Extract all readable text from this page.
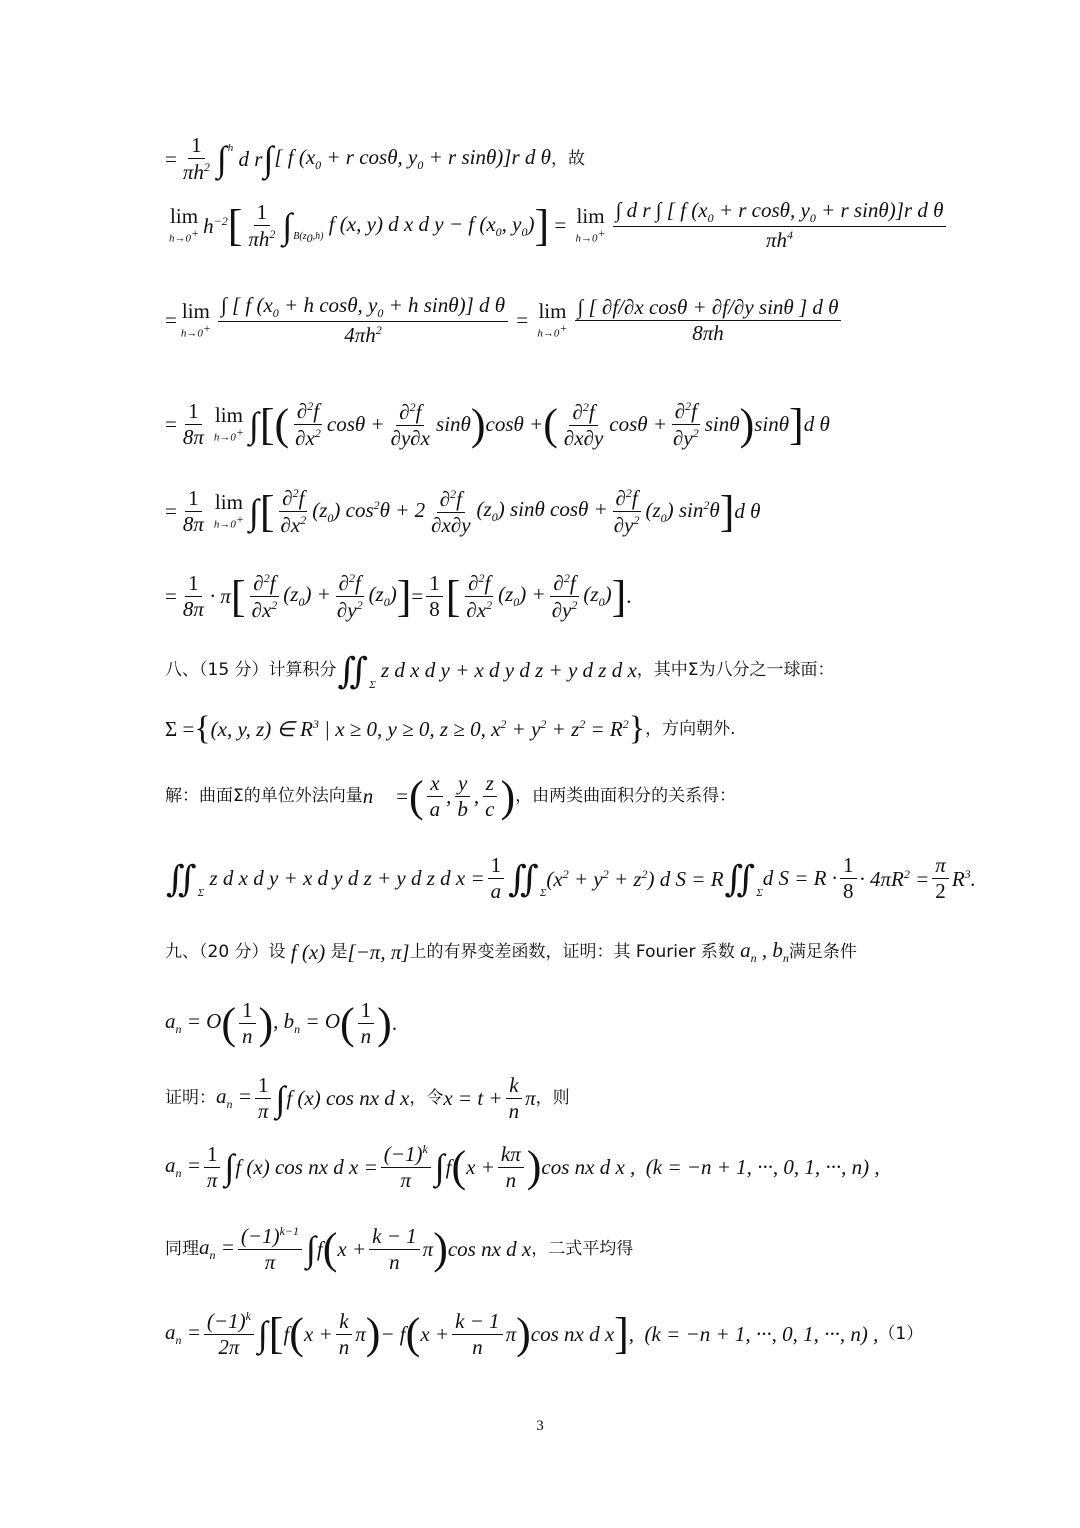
= $\frac{1}{\pi h^2}$ ∫ h d r ∫ [ f ($x_0 + r$ cosθ, $y_0 + r$ sinθ)]r d θ ，故
lim
h→0+ $h^{-2}$ [ $\frac{1}{\pi h^2}$ ∫ $B(z_0,h)$
f (x, y) d x d y − f ($x_0$, $y_0$) ] = lim
$h\to 0^+ \frac{\int d r \int [ f (x_0 + r \cos\theta, y_0 + r \sin\theta)]r d \theta}{\pi h^4}$
= lim
$h\to 0^+ \frac{\int [ f (x_0 + h \cos\theta, y_0 + h \sin\theta)] d \theta}{4\pi h^2} = \lim$
$h\to 0^+ \frac{\text{∫ [ ∂f/∂x cosθ + ∂f/∂y sinθ ] d θ}}{8\pi h}$
= $\frac{1}{8\pi}$ lim
h→0+ ∫ [( $\frac{\partial^2f}{\partial x^2}$ $\cos\theta + \frac{\partial^2f}{\partial y\partial x}$ sinθ ) cosθ + ( $\frac{\partial^2f}{\partial x\partial y}$ $\cos\theta + \frac{\partial^2f}{\partial y^2}$ sinθ ) sinθ ] d θ
= $\frac{1}{8\pi}$ lim
h→0+ ∫ [ $\frac{\partial^2f}{\partial x^2} (z_0) \cos^2\theta + 2 \frac{\partial^2f}{\partial x\partial y} (z_0)$ sinθ $\cos\theta + \frac{\partial^2f}{\partial y^2} (z_0)$ $\sin^2\theta$ ] d θ
= $\frac{1}{8\pi} \cdot \pi$ [ $\frac{\partial^2f}{\partial x^2} (z_0) + \frac{\partial^2f}{\partial y^2} (z_0)$ ] = $\frac{1}{8}$ [ $\frac{\partial^2f}{\partial x^2} (z_0) + \frac{\partial^2f}{\partial y^2} (z_0)$ ] .
八、（15 分）计算积分 ∬ Σ
z d x d y + x d y d z + y d z d x ，其中Σ为八分之一球面：
Σ = { (x, y, z) ∈ $R^3$ | x ≥ 0, y ≥ 0, z ≥ 0, $x^2 + y^2 + z^2 = R^2$ } ，方向朝外.
解：曲面Σ的单位外法向量 n⃗ = ( $\frac{x}{a}$ , $\frac{y}{b}$ , $\frac{z}{c}$ ) ，由两类曲面积分的关系得：
∬ Σ
z d x d y + x d y d z + y d z d $x = \frac{1}{a}$ ∬ Σ
$(x^2 + y^2 + z^2)$ d S = R ∬ Σ
d $S = R \cdot \frac{1}{8} \cdot 4\pi R^2 = \frac{\pi}{2} R^3$.
九、（20 分）设 f (x) 是 [−π, π] 上的有界变差函数，证明：其 Fourier 系数 $a_n$ , $b_n$ 满足条件
$a_n = O$ ( $\frac{1}{n}$ ) , $b_n = O$ ( $\frac{1}{n}$ ) .
证明： $a_n = \frac{1}{\pi}$ ∫ f (x) cos nx d x ，令 $x = t + \frac{k}{n}$ π ，则
$a_n = \frac{1}{\pi}$ ∫ f (x) cos nx d $x = \frac{(-1)^k}{\pi}$ ∫ f ( $x + \frac{k\pi}{n}$ ) cos nx d x ,  (k = −n + 1, ···, 0, 1, ···, n) ,
同理 $a_n = \frac{(-1)^{k-1}}{\pi}$ ∫ f ( $x + \frac{k - 1}{n}$ π ) cos nx d x ，二式平均得
$a_n = \frac{(-1)^k}{2\pi}$ ∫ [ f ( $x + \frac{k}{n}$ π ) − f ( $x + \frac{k - 1}{n}$ π ) cos nx d x ] ,  (k = −n + 1, ···, 0, 1, ···, n) , （1）
3
